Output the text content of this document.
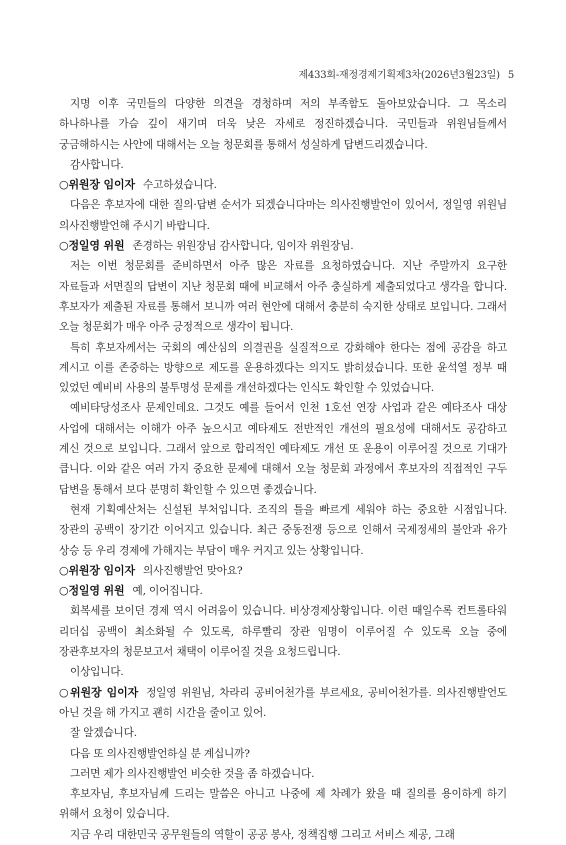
제433회-재정경제기획제3차(2026년3월23일) 5

지명 이후 국민들의 다양한 의견을 경청하며 저의 부족함도 돌아보았습니다. 그 목소리 하나하나를 가슴 깊이 새기며 더욱 낮은 자세로 정진하겠습니다. 국민들과 위원님들께서 궁금해하시는 사안에 대해서는 오늘 청문회를 통해서 성실하게 답변드리겠습니다.

감사합니다.

○위원장 임이자 수고하셨습니다.

다음은 후보자에 대한 질의·답변 순서가 되겠습니다마는 의사진행발언이 있어서, 정일영 위원님 의사진행발언해 주시기 바랍니다.

○정일영 위원 존경하는 위원장님 감사합니다, 임이자 위원장님.

저는 이번 청문회를 준비하면서 아주 많은 자료를 요청하였습니다. 지난 주말까지 요구한 자료들과 서면질의 답변이 지난 청문회 때에 비교해서 아주 충실하게 제출되었다고 생각을 합니다. 후보자가 제출된 자료를 통해서 보니까 여러 현안에 대해서 충분히 숙지한 상태로 보입니다. 그래서 오늘 청문회가 매우 아주 긍정적으로 생각이 됩니다.

특히 후보자께서는 국회의 예산심의 의결권을 실질적으로 강화해야 한다는 점에 공감을 하고 계시고 이를 존중하는 방향으로 제도를 운용하겠다는 의지도 밝히셨습니다. 또한 윤석열 정부 때 있었던 예비비 사용의 불투명성 문제를 개선하겠다는 인식도 확인할 수 있었습니다.

예비타당성조사 문제인데요. 그것도 예를 들어서 인천 1호선 연장 사업과 같은 예타조사 대상 사업에 대해서는 이해가 아주 높으시고 예타제도 전반적인 개선의 필요성에 대해서도 공감하고 계신 것으로 보입니다. 그래서 앞으로 합리적인 예타제도 개선 또 운용이 이루어질 것으로 기대가 큽니다. 이와 같은 여러 가지 중요한 문제에 대해서 오늘 청문회 과정에서 후보자의 직접적인 구두 답변을 통해서 보다 분명히 확인할 수 있으면 좋겠습니다.

현재 기획예산처는 신설된 부처입니다. 조직의 틀을 빠르게 세워야 하는 중요한 시점입니다. 장관의 공백이 장기간 이어지고 있습니다. 최근 중동전쟁 등으로 인해서 국제정세의 불안과 유가 상승 등 우리 경제에 가해지는 부담이 매우 커지고 있는 상황입니다.

○위원장 임이자 의사진행발언 맞아요?

○정일영 위원 예, 이어집니다.

회복세를 보이던 경제 역시 어려움이 있습니다. 비상경제상황입니다. 이런 때일수록 컨트롤타워 리더십 공백이 최소화될 수 있도록, 하루빨리 장관 임명이 이루어질 수 있도록 오늘 중에 장관후보자의 청문보고서 채택이 이루어질 것을 요청드립니다.

이상입니다.

○위원장 임이자 정일영 위원님, 차라리 공비어천가를 부르세요, 공비어천가를. 의사진행발언도 아닌 것을 해 가지고 괜히 시간을 줄이고 있어.

잘 알겠습니다.

다음 또 의사진행발언하실 분 계십니까?

그러면 제가 의사진행발언 비슷한 것을 좀 하겠습니다.

후보자님, 후보자님께 드리는 말씀은 아니고 나중에 제 차례가 왔을 때 질의를 용이하게 하기 위해서 요청이 있습니다.

지금 우리 대한민국 공무원들의 역할이 공공 봉사, 정책집행 그리고 서비스 제공, 그래
